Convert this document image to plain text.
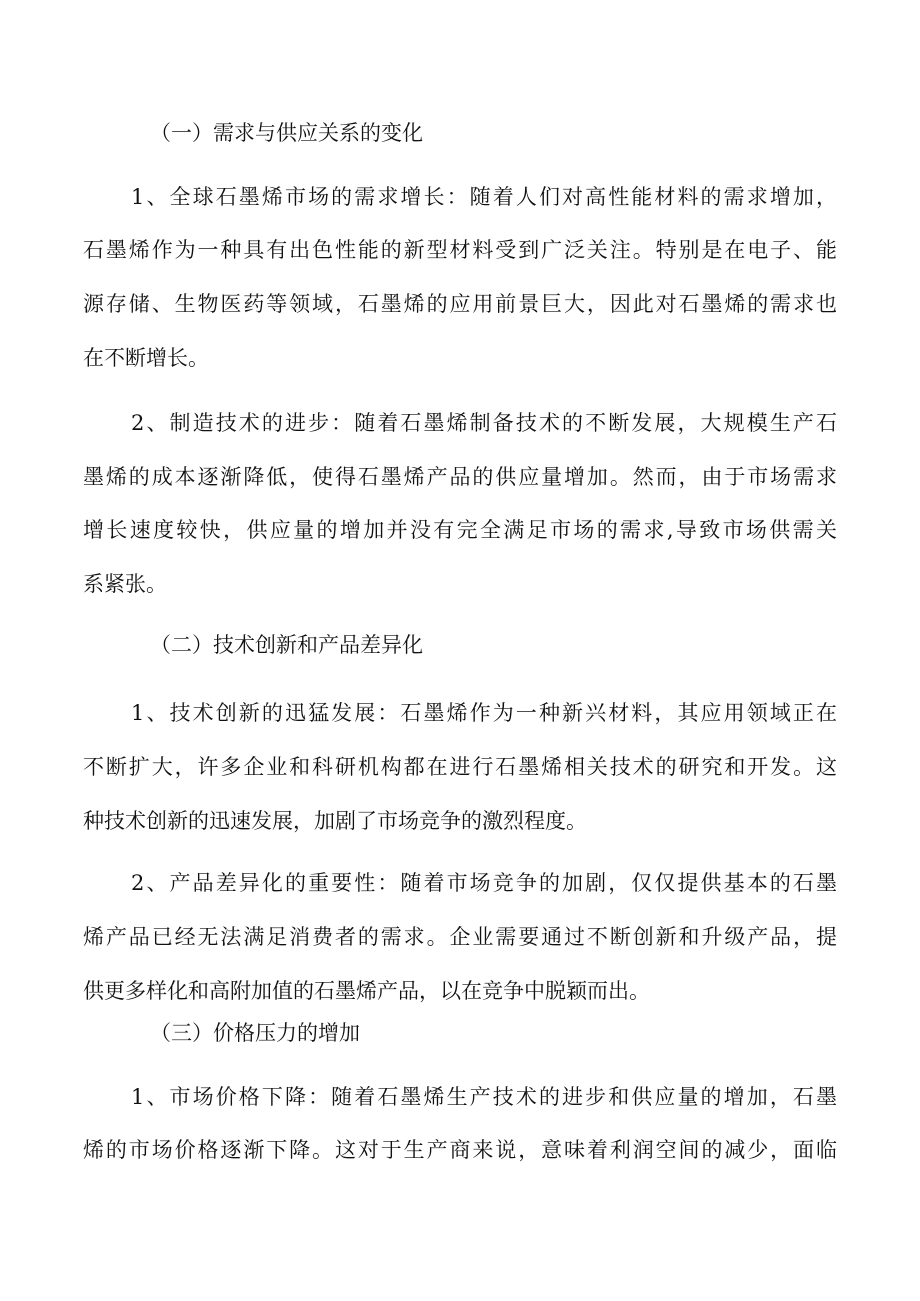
（一）需求与供应关系的变化
1、全球石墨烯市场的需求增长：随着人们对高性能材料的需求增加，
石墨烯作为一种具有出色性能的新型材料受到广泛关注。特别是在电子、能
源存储、生物医药等领域，石墨烯的应用前景巨大，因此对石墨烯的需求也
在不断增长。
2、制造技术的进步：随着石墨烯制备技术的不断发展，大规模生产石
墨烯的成本逐渐降低，使得石墨烯产品的供应量增加。然而，由于市场需求
增长速度较快，供应量的增加并没有完全满足市场的需求,导致市场供需关
系紧张。
（二）技术创新和产品差异化
1、技术创新的迅猛发展：石墨烯作为一种新兴材料，其应用领域正在
不断扩大，许多企业和科研机构都在进行石墨烯相关技术的研究和开发。这
种技术创新的迅速发展，加剧了市场竞争的激烈程度。
2、产品差异化的重要性：随着市场竞争的加剧，仅仅提供基本的石墨
烯产品已经无法满足消费者的需求。企业需要通过不断创新和升级产品，提
供更多样化和高附加值的石墨烯产品，以在竞争中脱颖而出。
（三）价格压力的增加
1、市场价格下降：随着石墨烯生产技术的进步和供应量的增加，石墨
烯的市场价格逐渐下降。这对于生产商来说，意味着利润空间的减少，面临
